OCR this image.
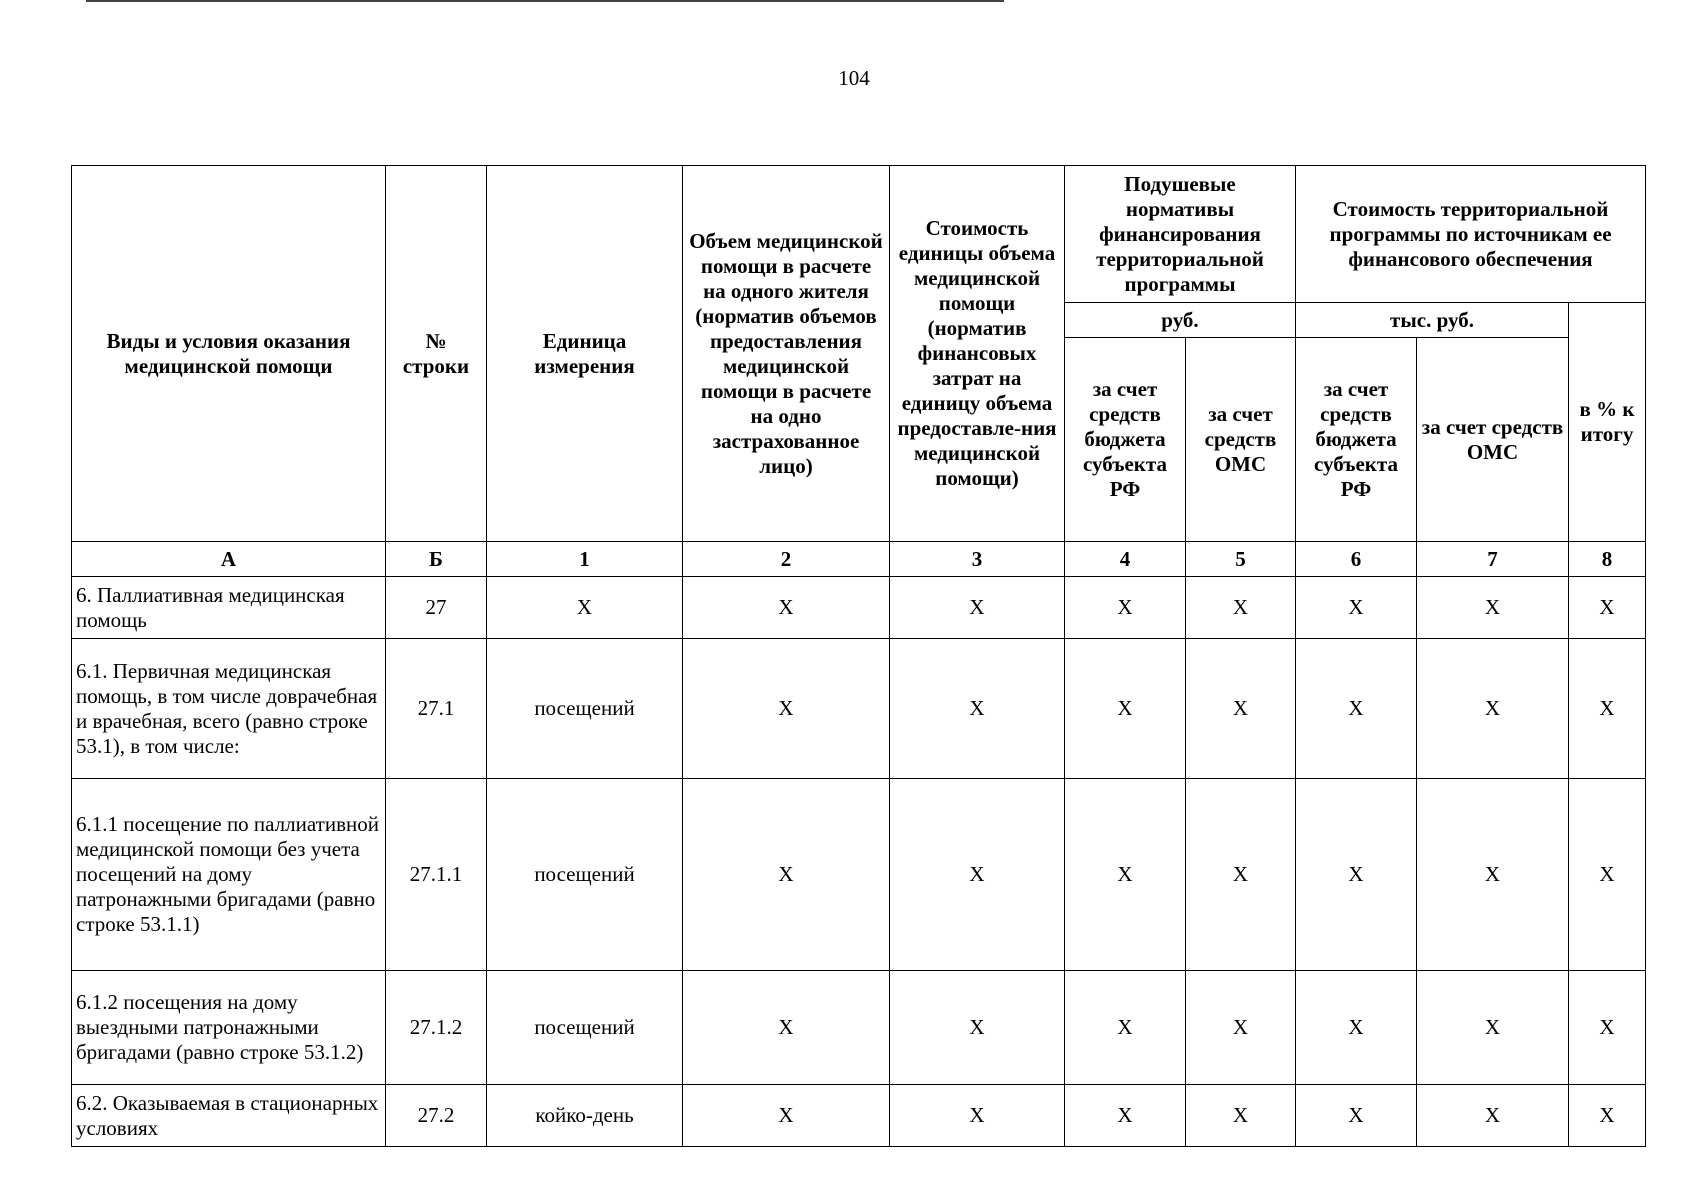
104
Виды и условия оказания медицинской помощи	№ строки	Единица измерения	Объем медицинской помощи в расчете на одного жителя (норматив объемов предоставления медицинской помощи в расчете на одно застрахованное лицо)	Стоимость единицы объема медицинской помощи (норматив финансовых затрат на единицу объема предоставле-ния медицинской помощи)	Подушевые нормативы финансирования территориальной программы		Стоимость территориальной программы по источникам ее финансового обеспечения		
					руб.		тыс. руб.		в % к итогу
					за счет средств бюджета субъекта РФ	за счет средств ОМС	за счет средств бюджета субъекта РФ	за счет средств ОМС	
А	Б	1	2	3	4	5	6	7	8
6. Паллиативная медицинская помощь	27	Х	Х	Х	Х	Х	Х	Х	Х
6.1. Первичная медицинская помощь, в том числе доврачебная и врачебная, всего (равно строке 53.1), в том числе:	27.1	посещений	Х	Х	Х	Х	Х	Х	Х
6.1.1 посещение по паллиативной медицинской помощи без учета посещений на дому патронажными бригадами (равно строке 53.1.1)	27.1.1	посещений	Х	Х	Х	Х	Х	Х	Х
6.1.2 посещения на дому выездными патронажными бригадами (равно строке 53.1.2)	27.1.2	посещений	Х	Х	Х	Х	Х	Х	Х
6.2. Оказываемая в стационарных условиях	27.2	койко-день	Х	Х	Х	Х	Х	Х	Х
